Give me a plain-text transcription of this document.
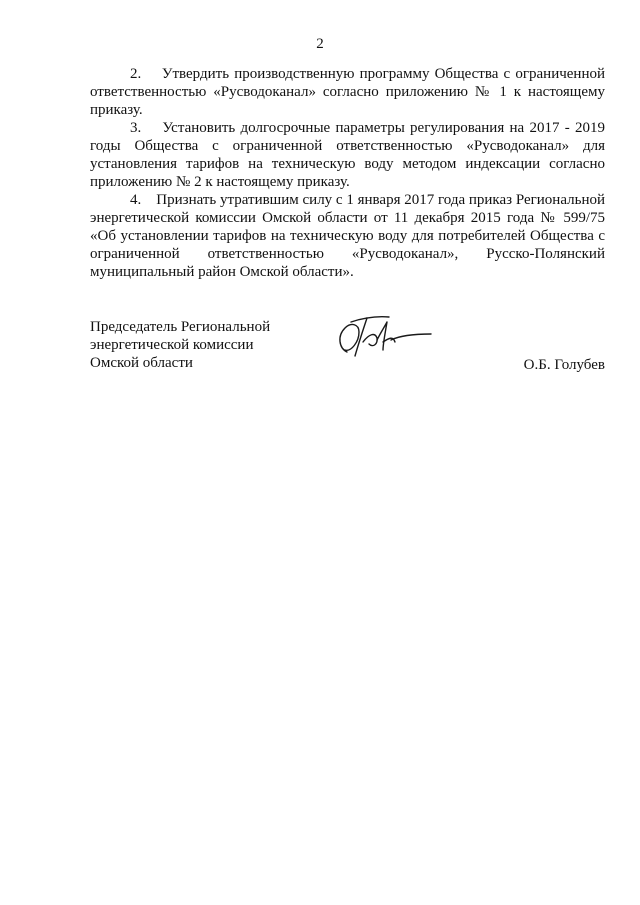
2

2. Утвердить производственную программу Общества с ограниченной ответственностью «Русводоканал» согласно приложению № 1 к настоящему приказу.

3. Установить долгосрочные параметры регулирования на 2017 - 2019 годы Общества с ограниченной ответственностью «Русводоканал» для установления тарифов на техническую воду методом индексации согласно приложению № 2 к настоящему приказу.

4. Признать утратившим силу с 1 января 2017 года приказ Региональной энергетической комиссии Омской области от 11 декабря 2015 года № 599/75 «Об установлении тарифов на техническую воду для потребителей Общества с ограниченной ответственностью «Русводоканал», Русско-Полянский муниципальный район Омской области».

Председатель Региональной
энергетической комиссии
Омской области	О.Б. Голубев
